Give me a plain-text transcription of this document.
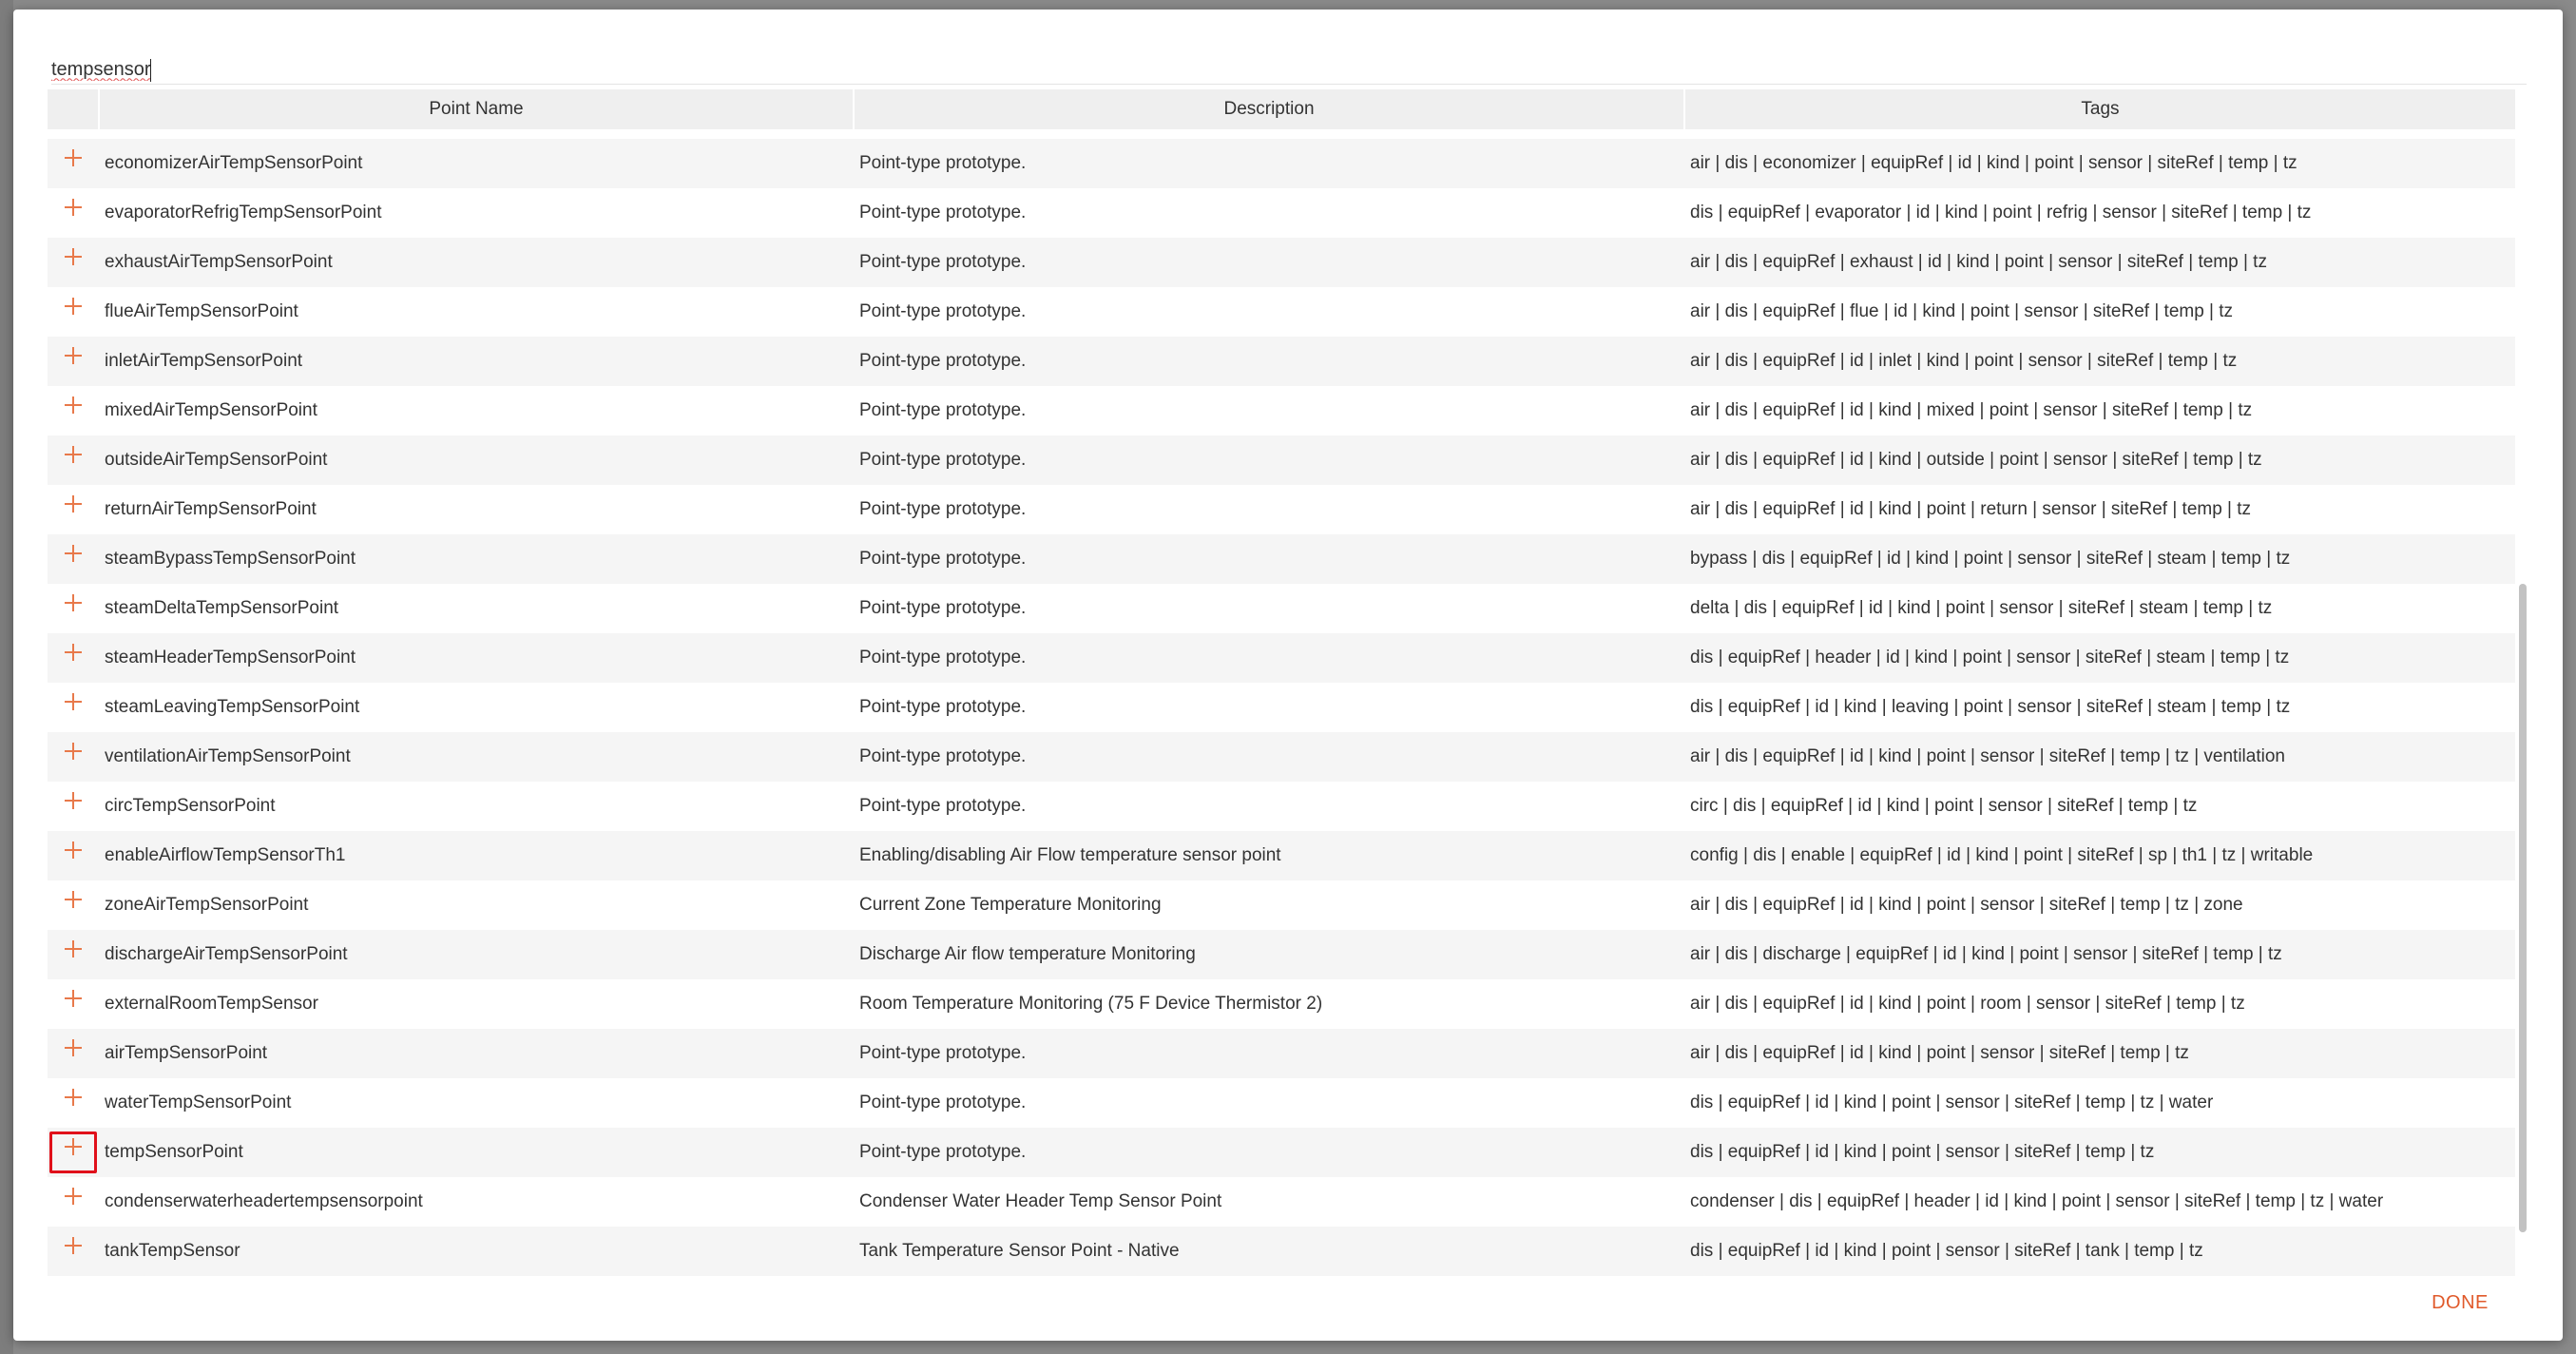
tempsensor
	Point Name	Description	Tags

	economizerAirTempSensorPoint	Point-type prototype.	air | dis | economizer | equipRef | id | kind | point | sensor | siteRef | temp | tz

	evaporatorRefrigTempSensorPoint	Point-type prototype.	dis | equipRef | evaporator | id | kind | point | refrig | sensor | siteRef | temp | tz

	exhaustAirTempSensorPoint	Point-type prototype.	air | dis | equipRef | exhaust | id | kind | point | sensor | siteRef | temp | tz

	flueAirTempSensorPoint	Point-type prototype.	air | dis | equipRef | flue | id | kind | point | sensor | siteRef | temp | tz

	inletAirTempSensorPoint	Point-type prototype.	air | dis | equipRef | id | inlet | kind | point | sensor | siteRef | temp | tz

	mixedAirTempSensorPoint	Point-type prototype.	air | dis | equipRef | id | kind | mixed | point | sensor | siteRef | temp | tz

	outsideAirTempSensorPoint	Point-type prototype.	air | dis | equipRef | id | kind | outside | point | sensor | siteRef | temp | tz

	returnAirTempSensorPoint	Point-type prototype.	air | dis | equipRef | id | kind | point | return | sensor | siteRef | temp | tz

	steamBypassTempSensorPoint	Point-type prototype.	bypass | dis | equipRef | id | kind | point | sensor | siteRef | steam | temp | tz

	steamDeltaTempSensorPoint	Point-type prototype.	delta | dis | equipRef | id | kind | point | sensor | siteRef | steam | temp | tz

	steamHeaderTempSensorPoint	Point-type prototype.	dis | equipRef | header | id | kind | point | sensor | siteRef | steam | temp | tz

	steamLeavingTempSensorPoint	Point-type prototype.	dis | equipRef | id | kind | leaving | point | sensor | siteRef | steam | temp | tz

	ventilationAirTempSensorPoint	Point-type prototype.	air | dis | equipRef | id | kind | point | sensor | siteRef | temp | tz | ventilation

	circTempSensorPoint	Point-type prototype.	circ | dis | equipRef | id | kind | point | sensor | siteRef | temp | tz

	enableAirflowTempSensorTh1	Enabling/disabling Air Flow temperature sensor point	config | dis | enable | equipRef | id | kind | point | siteRef | sp | th1 | tz | writable

	zoneAirTempSensorPoint	Current Zone Temperature Monitoring	air | dis | equipRef | id | kind | point | sensor | siteRef | temp | tz | zone

	dischargeAirTempSensorPoint	Discharge Air flow temperature Monitoring	air | dis | discharge | equipRef | id | kind | point | sensor | siteRef | temp | tz

	externalRoomTempSensor	Room Temperature Monitoring (75 F Device Thermistor 2)	air | dis | equipRef | id | kind | point | room | sensor | siteRef | temp | tz

	airTempSensorPoint	Point-type prototype.	air | dis | equipRef | id | kind | point | sensor | siteRef | temp | tz

	waterTempSensorPoint	Point-type prototype.	dis | equipRef | id | kind | point | sensor | siteRef | temp | tz | water

	tempSensorPoint	Point-type prototype.	dis | equipRef | id | kind | point | sensor | siteRef | temp | tz

	condenserwaterheadertempsensorpoint	Condenser Water Header Temp Sensor Point	condenser | dis | equipRef | header | id | kind | point | sensor | siteRef | temp | tz | water

	tankTempSensor	Tank Temperature Sensor Point - Native	dis | equipRef | id | kind | point | sensor | siteRef | tank | temp | tz
DONE
